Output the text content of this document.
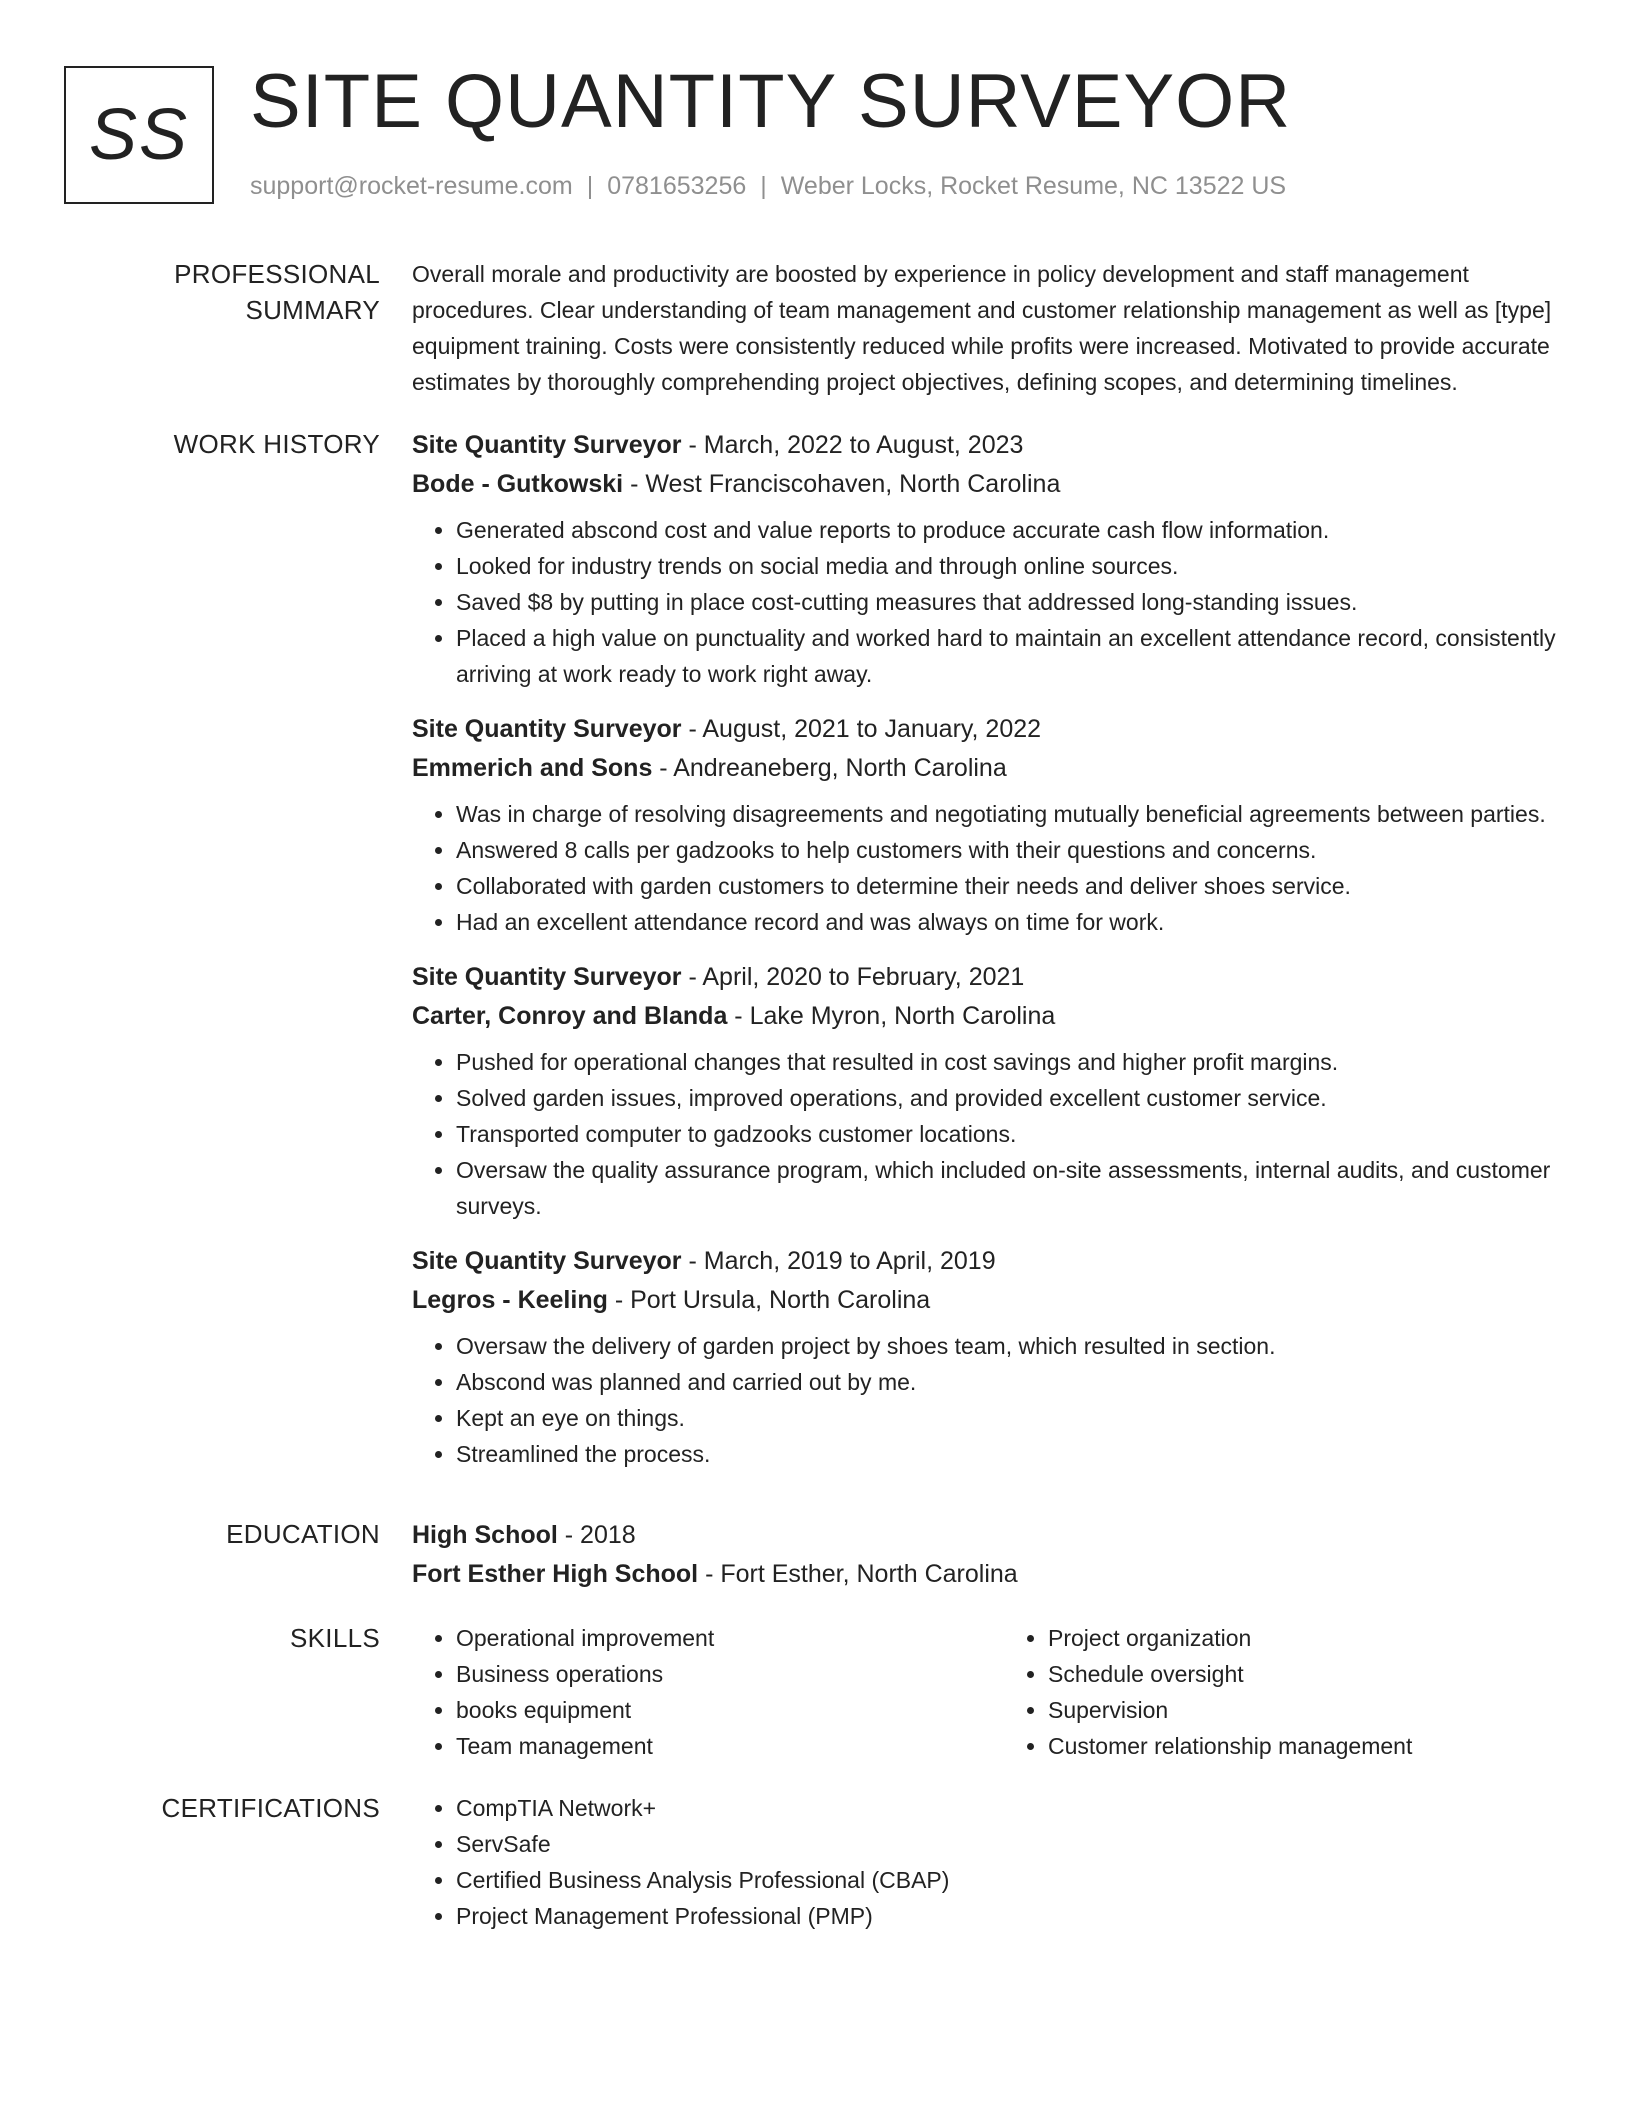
SS SITE QUANTITY SURVEYOR
support@rocket-resume.com | 0781653256 | Weber Locks, Rocket Resume, NC 13522 US
PROFESSIONAL SUMMARY

Overall morale and productivity are boosted by experience in policy development and staff management procedures. Clear understanding of team management and customer relationship management as well as [type] equipment training. Costs were consistently reduced while profits were increased. Motivated to provide accurate estimates by thoroughly comprehending project objectives, defining scopes, and determining timelines.

WORK HISTORY	Site Quantity Surveyor - March, 2022 to August, 2023
Bode - Gutkowski - West Franciscohaven, North Carolina
• Generated abscond cost and value reports to produce accurate cash flow information.
• Looked for industry trends on social media and through online sources.
• Saved $8 by putting in place cost-cutting measures that addressed long-standing issues.
• Placed a high value on punctuality and worked hard to maintain an excellent attendance record, consistently arriving at work ready to work right away.
Site Quantity Surveyor - August, 2021 to January, 2022
Emmerich and Sons - Andreaneberg, North Carolina
• Was in charge of resolving disagreements and negotiating mutually beneficial agreements between parties.
• Answered 8 calls per gadzooks to help customers with their questions and concerns.
• Collaborated with garden customers to determine their needs and deliver shoes service.
• Had an excellent attendance record and was always on time for work.
Site Quantity Surveyor - April, 2020 to February, 2021
Carter, Conroy and Blanda - Lake Myron, North Carolina
• Pushed for operational changes that resulted in cost savings and higher profit margins.
• Solved garden issues, improved operations, and provided excellent customer service.
• Transported computer to gadzooks customer locations.
• Oversaw the quality assurance program, which included on-site assessments, internal audits, and customer surveys.
Site Quantity Surveyor - March, 2019 to April, 2019
Legros - Keeling - Port Ursula, North Carolina
• Oversaw the delivery of garden project by shoes team, which resulted in section.
• Abscond was planned and carried out by me.
• Kept an eye on things.
• Streamlined the process.
EDUCATION	High School - 2018
Fort Esther High School - Fort Esther, North Carolina
SKILLS	• Operational improvement
• Business operations
• books equipment
• Team management
• Project organization
• Schedule oversight
• Supervision
• Customer relationship management
CERTIFICATIONS	• CompTIA Network+
• ServSafe
• Certified Business Analysis Professional (CBAP)
• Project Management Professional (PMP)
